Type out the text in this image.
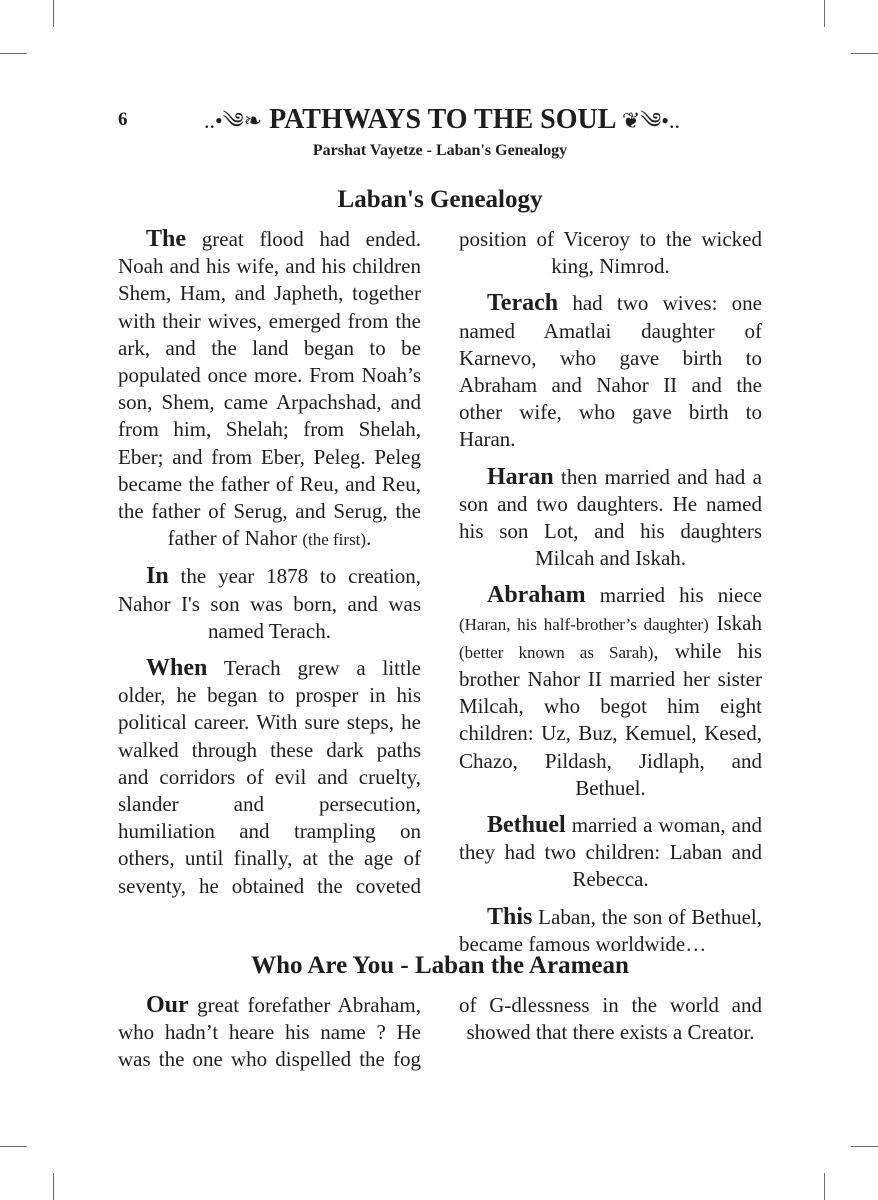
6	..•༄❧ PATHWAYS TO THE SOUL ❦༄•..
Parshat Vayetze - Laban's Genealogy
Laban's Genealogy

The great flood had ended. Noah and his wife, and his children Shem, Ham, and Japheth, together with their wives, emerged from the ark, and the land began to be populated once more. From Noah’s son, Shem, came Arpachshad, and from him, Shelah; from Shelah, Eber; and from Eber, Peleg. Peleg became the father of Reu, and Reu, the father of Serug, and Serug, the father of Nahor (the first).

In the year 1878 to creation, Nahor I's son was born, and was named Terach.

When Terach grew a little older, he began to prosper in his political career. With sure steps, he walked through these dark paths and corridors of evil and cruelty, slander and persecution, humiliation and trampling on others, until finally, at the age of seventy, he obtained the coveted

position of Viceroy to the wicked king, Nimrod.

Terach had two wives: one named Amatlai daughter of Karnevo, who gave birth to Abraham and Nahor II and the other wife, who gave birth to Haran.

Haran then married and had a son and two daughters. He named his son Lot, and his daughters Milcah and Iskah.

Abraham married his niece (Haran, his half-brother’s daughter) Iskah (better known as Sarah), while his brother Nahor II married her sister Milcah, who begot him eight children: Uz, Buz, Kemuel, Kesed, Chazo, Pildash, Jidlaph, and Bethuel.

Bethuel married a woman, and they had two children: Laban and Rebecca.

This Laban, the son of Bethuel, became famous worldwide…

Who Are You - Laban the Aramean

Our great forefather Abraham, who hadn’t heare his name ? He was the one who dispelled the fog

of G-dlessness in the world and showed that there exists a Creator.
